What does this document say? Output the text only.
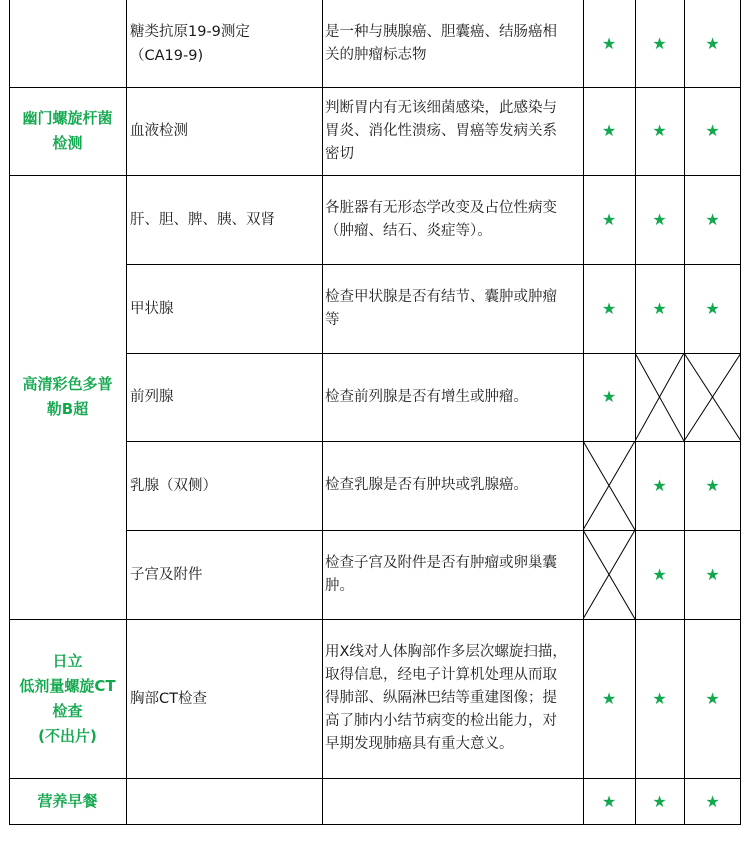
幽门螺旋杆菌
检测
高清彩色多普
勒B超
日立
低剂量螺旋CT
检查
(不出片)
营养早餐
糖类抗原19-9测定
（CA19-9)
血液检测
肝、胆、脾、胰、双肾
甲状腺
前列腺
乳腺（双侧）
子宫及附件
胸部CT检查
是一种与胰腺癌、胆囊癌、结肠癌相关的肿瘤标志物
判断胃内有无该细菌感染，此感染与胃炎、消化性溃疡、胃癌等发病关系密切
各脏器有无形态学改变及占位性病变（肿瘤、结石、炎症等）。
检查甲状腺是否有结节、囊肿或肿瘤等
检查前列腺是否有增生或肿瘤。
检查乳腺是否有肿块或乳腺癌。
检查子宫及附件是否有肿瘤或卵巢囊肿。
用X线对人体胸部作多层次螺旋扫描，取得信息，经电子计算机处理从而取得肺部、纵隔淋巴结等重建图像；提高了肺内小结节病变的检出能力，对早期发现肺癌具有重大意义。
★ ★ ★
★ ★ ★
★ ★ ★
★ ★ ★
★
★ ★
★ ★
★ ★ ★
★ ★ ★
